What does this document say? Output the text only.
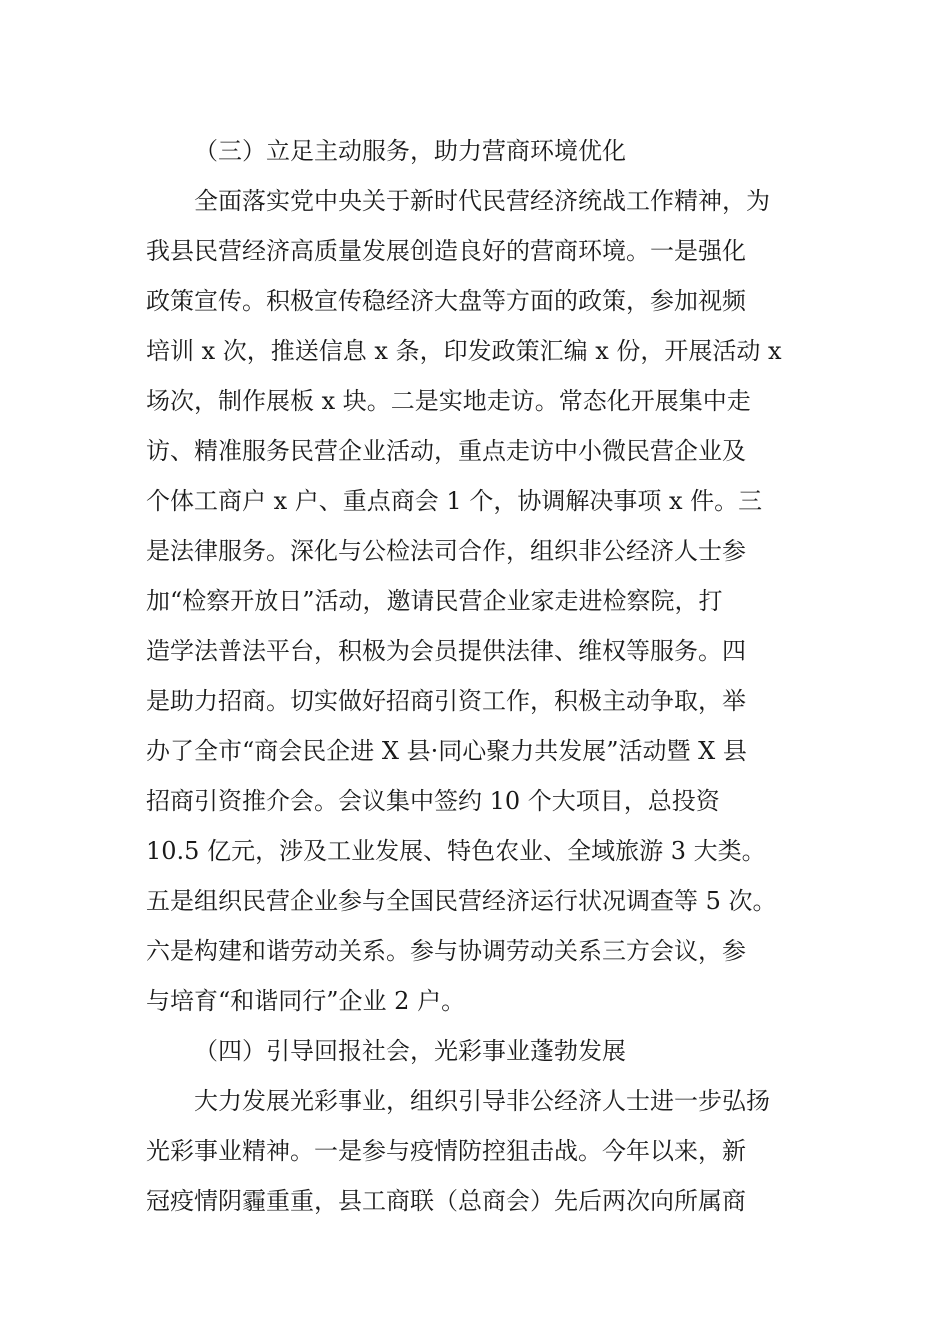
（三）立足主动服务，助力营商环境优化
全面落实党中央关于新时代民营经济统战工作精神，为
我县民营经济高质量发展创造良好的营商环境。一是强化
政策宣传。积极宣传稳经济大盘等方面的政策，参加视频
培训 x 次，推送信息 x 条，印发政策汇编 x 份，开展活动 x
场次，制作展板 x 块。二是实地走访。常态化开展集中走
访、精准服务民营企业活动，重点走访中小微民营企业及
个体工商户 x 户、重点商会 1 个，协调解决事项 x 件。三
是法律服务。深化与公检法司合作，组织非公经济人士参
加“检察开放日”活动，邀请民营企业家走进检察院，打
造学法普法平台，积极为会员提供法律、维权等服务。四
是助力招商。切实做好招商引资工作，积极主动争取，举
办了全市“商会民企进 X 县·同心聚力共发展”活动暨 X 县
招商引资推介会。会议集中签约 10 个大项目，总投资
10.5 亿元，涉及工业发展、特色农业、全域旅游 3 大类。
五是组织民营企业参与全国民营经济运行状况调查等 5 次。
六是构建和谐劳动关系。参与协调劳动关系三方会议，参
与培育“和谐同行”企业 2 户。
（四）引导回报社会，光彩事业蓬勃发展
大力发展光彩事业，组织引导非公经济人士进一步弘扬
光彩事业精神。一是参与疫情防控狙击战。今年以来，新
冠疫情阴霾重重，县工商联（总商会）先后两次向所属商
